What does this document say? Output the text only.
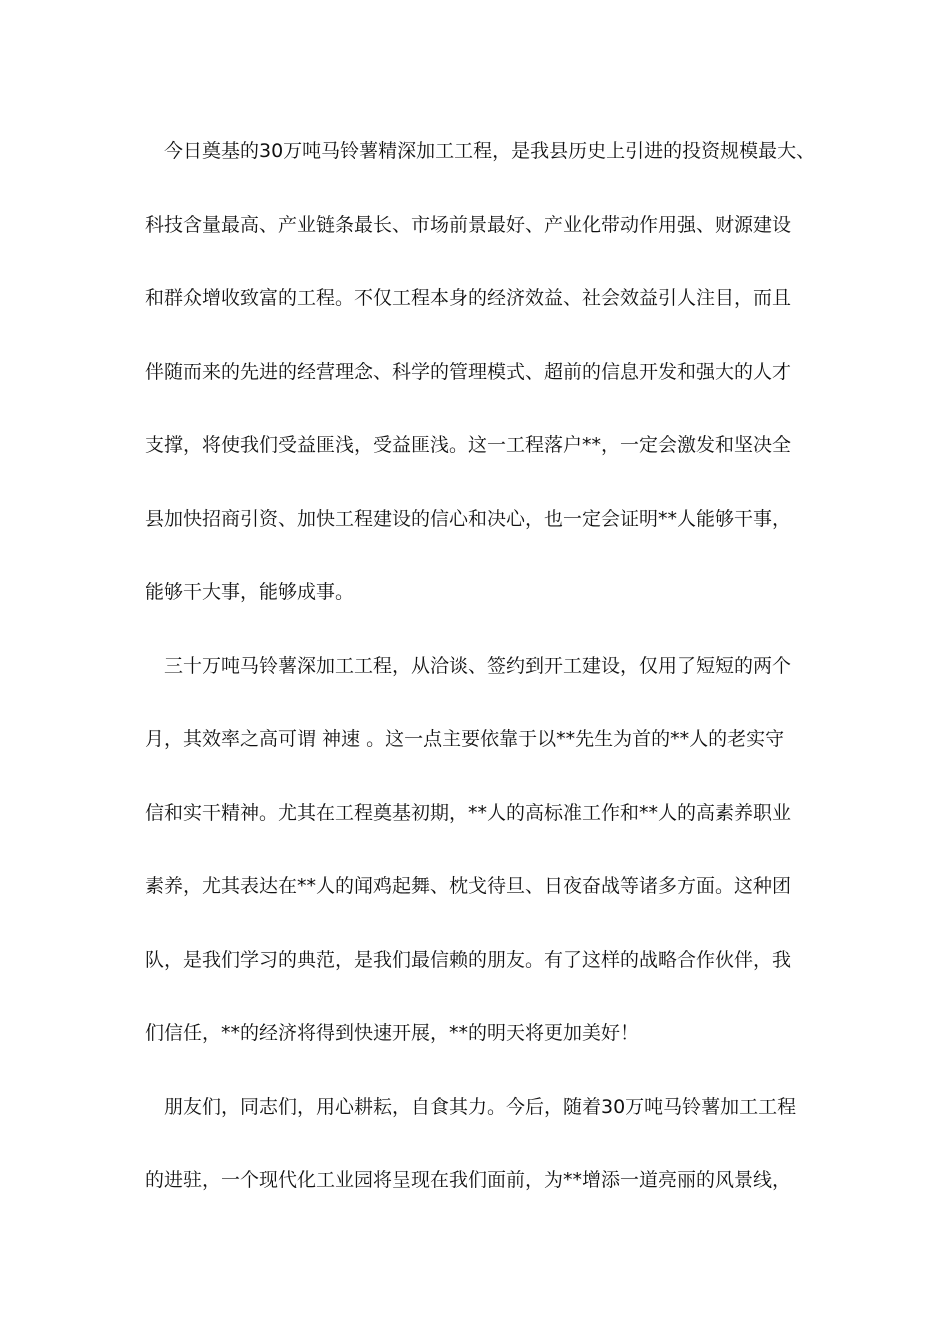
今日奠基的30万吨马铃薯精深加工工程，是我县历史上引进的投资规模最大、
科技含量最高、产业链条最长、市场前景最好、产业化带动作用强、财源建设
和群众增收致富的工程。不仅工程本身的经济效益、社会效益引人注目，而且
伴随而来的先进的经营理念、科学的管理模式、超前的信息开发和强大的人才
支撑，将使我们受益匪浅，受益匪浅。这一工程落户**，一定会激发和坚决全
县加快招商引资、加快工程建设的信心和决心，也一定会证明**人能够干事，
能够干大事，能够成事。
三十万吨马铃薯深加工工程，从洽谈、签约到开工建设，仅用了短短的两个
月，其效率之高可谓 神速 。这一点主要依靠于以**先生为首的**人的老实守
信和实干精神。尤其在工程奠基初期，**人的高标准工作和**人的高素养职业
素养，尤其表达在**人的闻鸡起舞、枕戈待旦、日夜奋战等诸多方面。这种团
队，是我们学习的典范，是我们最信赖的朋友。有了这样的战略合作伙伴，我
们信任，**的经济将得到快速开展，**的明天将更加美好！
朋友们，同志们，用心耕耘，自食其力。今后，随着30万吨马铃薯加工工程
的进驻，一个现代化工业园将呈现在我们面前，为**增添一道亮丽的风景线，
